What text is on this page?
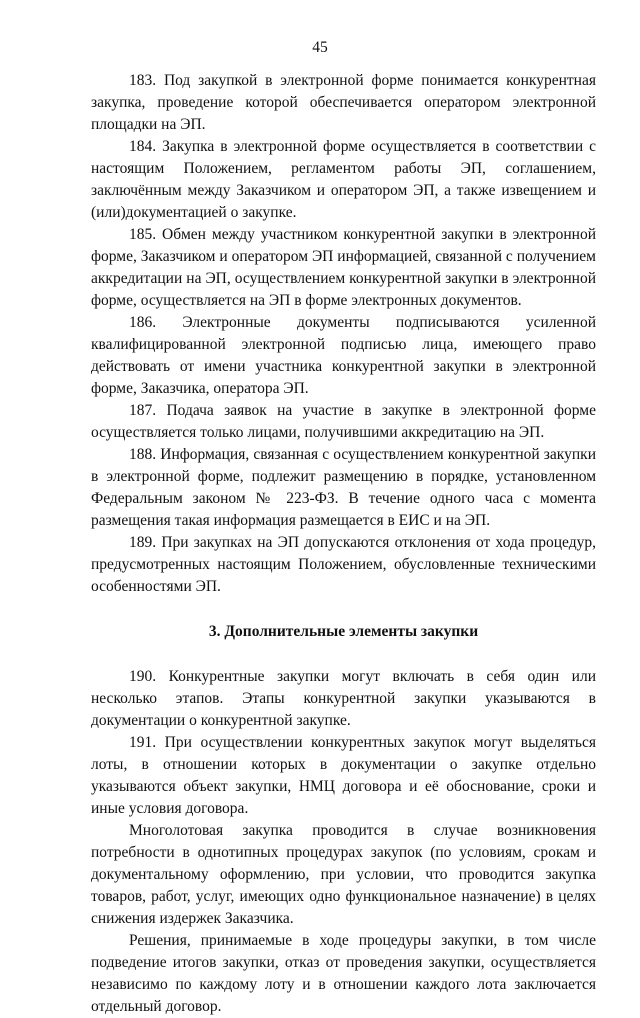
45

183. Под закупкой в электронной форме понимается конкурентная закупка, проведение которой обеспечивается оператором электронной площадки на ЭП.

184. Закупка в электронной форме осуществляется в соответствии с настоящим Положением, регламентом работы ЭП, соглашением, заключённым между Заказчиком и оператором ЭП, а также извещением и (или)документацией о закупке.

185. Обмен между участником конкурентной закупки в электронной форме, Заказчиком и оператором ЭП информацией, связанной с получением аккредитации на ЭП, осуществлением конкурентной закупки в электронной форме, осуществляется на ЭП в форме электронных документов.

186. Электронные документы подписываются усиленной квалифицированной электронной подписью лица, имеющего право действовать от имени участника конкурентной закупки в электронной форме, Заказчика, оператора ЭП.

187. Подача заявок на участие в закупке в электронной форме осуществляется только лицами, получившими аккредитацию на ЭП.

188. Информация, связанная с осуществлением конкурентной закупки в электронной форме, подлежит размещению в порядке, установленном Федеральным законом № 223-ФЗ. В течение одного часа с момента размещения такая информация размещается в ЕИС и на ЭП.

189. При закупках на ЭП допускаются отклонения от хода процедур, предусмотренных настоящим Положением, обусловленные техническими особенностями ЭП.

3. Дополнительные элементы закупки

190. Конкурентные закупки могут включать в себя один или несколько этапов. Этапы конкурентной закупки указываются в документации о конкурентной закупке.

191. При осуществлении конкурентных закупок могут выделяться лоты, в отношении которых в документации о закупке отдельно указываются объект закупки, НМЦ договора и её обоснование, сроки и иные условия договора.

Многолотовая закупка проводится в случае возникновения потребности в однотипных процедурах закупок (по условиям, срокам и документальному оформлению, при условии, что проводится закупка товаров, работ, услуг, имеющих одно функциональное назначение) в целях снижения издержек Заказчика.

Решения, принимаемые в ходе процедуры закупки, в том числе подведение итогов закупки, отказ от проведения закупки, осуществляется независимо по каждому лоту и в отношении каждого лота заключается отдельный договор.
